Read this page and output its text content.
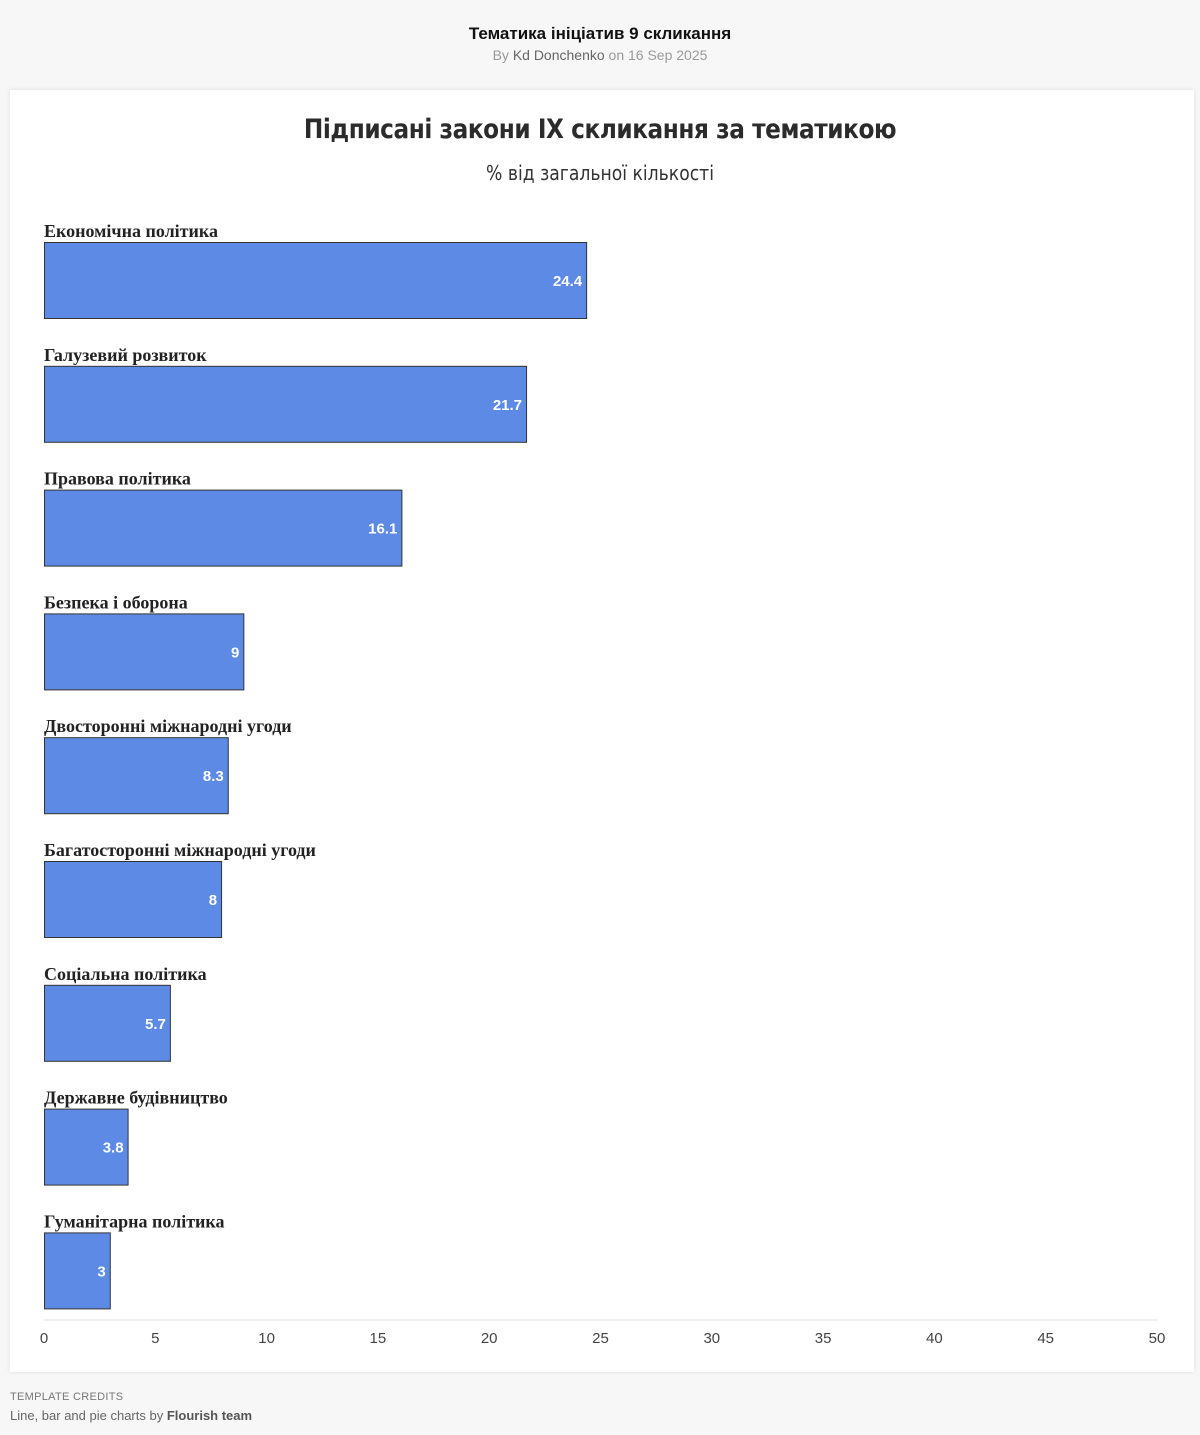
Тематика ініціатив 9 скликання
By Kd Donchenko on 16 Sep 2025
Підписані закони IX скликання за тематикою
% від загальної кількості
Економічна політика
24.4
Галузевий розвиток
21.7
Правова політика
16.1
Безпека і оборона
9
Двосторонні міжнародні угоди
8.3
Багатосторонні міжнародні угоди
8
Соціальна політика
5.7
Державне будівництво
3.8
Гуманітарна політика
3
0	5	10	15	20	25	30	35	40	45	50
TEMPLATE CREDITS
Line, bar and pie charts by Flourish team
